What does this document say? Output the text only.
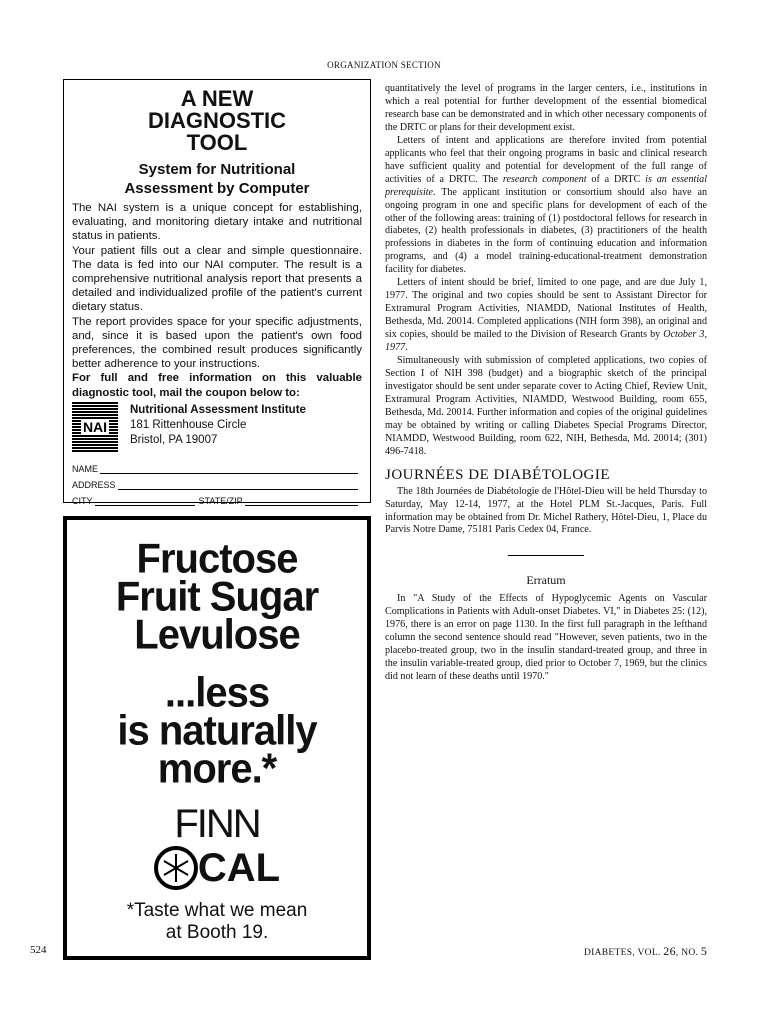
ORGANIZATION SECTION
A NEW
DIAGNOSTIC
TOOL
System for Nutritional
Assessment by Computer

The NAI system is a unique concept for establishing, evaluating, and monitoring dietary intake and nutritional status in patients.

Your patient fills out a clear and simple questionnaire. The data is fed into our NAI computer. The result is a comprehensive nutritional analysis report that presents a detailed and individualized profile of the patient's current dietary status.

The report provides space for your specific adjustments, and, since it is based upon the patient's own food preferences, the combined result produces significantly better adherence to your instructions.

For full and free information on this valuable diagnostic tool, mail the coupon below to:

NAI
Nutritional Assessment Institute
181 Rittenhouse Circle
Bristol, PA 19007
NAME
ADDRESS
CITY	STATE/ZIP
Fructose
Fruit Sugar
Levulose
...less
is naturally
more.*
FINN
CAL
*Taste what we mean
at Booth 19.

quantitatively the level of programs in the larger centers, i.e., institutions in which a real potential for further development of the essential biomedical research base can be demonstrated and in which other necessary components of the DRTC or plans for their development exist.

Letters of intent and applications are therefore invited from potential applicants who feel that their ongoing programs in basic and clinical research have sufficient quality and potential for development of the full range of activities of a DRTC. The research component of a DRTC is an essential prerequisite. The applicant institution or consortium should also have an ongoing program in one and specific plans for development of each of the other of the following areas: training of (1) postdoctoral fellows for research in diabetes, (2) health professionals in diabetes, (3) practitioners of the health professions in diabetes in the form of continuing education and information programs, and (4) a model training-educational-treatment demonstration facility for diabetes.

Letters of intent should be brief, limited to one page, and are due July 1, 1977. The original and two copies should be sent to Assistant Director for Extramural Program Activities, NIAMDD, National Institutes of Health, Bethesda, Md. 20014. Completed applications (NIH form 398), an original and six copies, should be mailed to the Division of Research Grants by October 3, 1977.

Simultaneously with submission of completed applications, two copies of Section I of NIH 398 (budget) and a biographic sketch of the principal investigator should be sent under separate cover to Acting Chief, Review Unit, Extramural Program Activities, NIAMDD, Westwood Building, room 655, Bethesda, Md. 20014. Further information and copies of the original guidelines may be obtained by writing or calling Diabetes Special Programs Director, NIAMDD, Westwood Building, room 622, NIH, Bethesda, Md. 20014; (301) 496-7418.

JOURNÉES DE DIABÉTOLOGIE

The 18th Journées de Diabétologie de l'Hôtel-Dieu will be held Thursday to Saturday, May 12-14, 1977, at the Hotel PLM St.-Jacques, Paris. Full information may be obtained from Dr. Michel Rathery, Hôtel-Dieu, 1, Place du Parvis Notre Dame, 75181 Paris Cedex 04, France.

Erratum

In "A Study of the Effects of Hypoglycemic Agents on Vascular Complications in Patients with Adult-onset Diabetes. VI," in Diabetes 25: (12), 1976, there is an error on page 1130. In the first full paragraph in the lefthand column the second sentence should read "However, seven patients, two in the placebo-treated group, two in the insulin standard-treated group, and three in the insulin variable-treated group, died prior to October 7, 1969, but the clinics did not learn of these deaths until 1970."

524	DIABETES, VOL. 26, NO. 5
